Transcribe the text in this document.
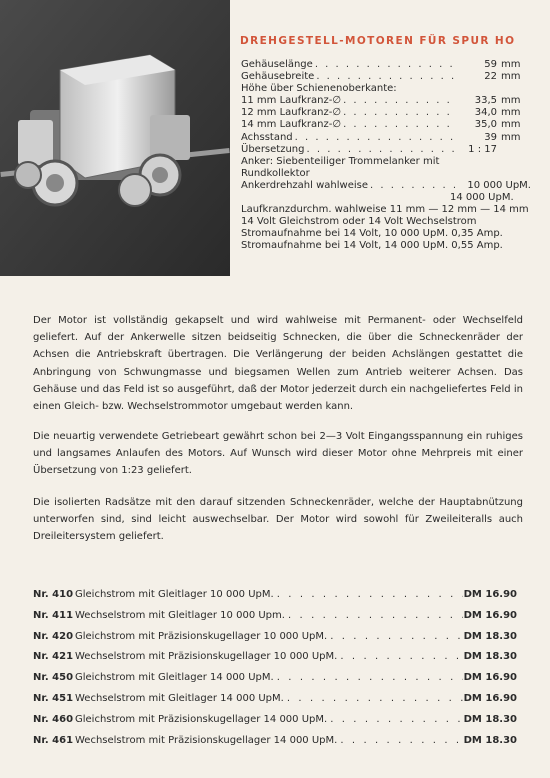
DREHGESTELL-MOTOREN FÜR SPUR HO
Gehäuselänge . . .	59 mm
Gehäusebreite . . .	22 mm
Höhe über Schienenoberkante:
11 mm Laufkranz-∅ . . .	33,5 mm
12 mm Laufkranz-∅ . . .	34,0 mm
14 mm Laufkranz-∅ . . .	35,0 mm
Achsstand . . .	39 mm
Übersetzung . . .	1 : 17
Anker: Siebenteiliger Trommelanker mit
Rundkollektor
Ankerdrehzahl wahlweise . . .	10 000 UpM.
14 000 UpM.
Laufkranzdurchm. wahlweise 11 mm — 12 mm — 14 mm
14 Volt Gleichstrom oder 14 Volt Wechselstrom
Stromaufnahme bei 14 Volt, 10 000 UpM. 0,35 Amp.
Stromaufnahme bei 14 Volt, 14 000 UpM. 0,55 Amp.

Der Motor ist vollständig gekapselt und wird wahlweise mit Permanent- oder Wechselfeld geliefert. Auf der Ankerwelle sitzen beidseitig Schnecken, die über die Schneckenräder der Achsen die Antriebskraft übertragen. Die Verlängerung der beiden Achslängen gestattet die Anbringung von Schwungmasse und biegsamen Wellen zum Antrieb weiterer Achsen. Das Gehäuse und das Feld ist so ausgeführt, daß der Motor jederzeit durch ein nachgeliefertes Feld in einen Gleich- bzw. Wechselstrommotor umgebaut werden kann.

Die neuartig verwendete Getriebeart gewährt schon bei 2—3 Volt Eingangsspannung ein ruhiges und langsames Anlaufen des Motors. Auf Wunsch wird dieser Motor ohne Mehrpreis mit einer Übersetzung von 1:23 geliefert.

Die isolierten Radsätze mit den darauf sitzenden Schneckenräder, welche der Hauptabnützung unterworfen sind, sind leicht auswechselbar. Der Motor wird sowohl für Zweileiteralls auch Dreileitersystem geliefert.

Nr. 410 Gleichstrom mit Gleitlager 10 000 UpM. . . .	DM 16.90
Nr. 411 Wechselstrom mit Gleitlager 10 000 Upm. . . .	DM 16.90
Nr. 420 Gleichstrom mit Präzisionskugellager 10 000 UpM. . . .	DM 18.30
Nr. 421 Wechselstrom mit Präzisionskugellager 10 000 UpM. . . .	DM 18.30
Nr. 450 Gleichstrom mit Gleitlager 14 000 UpM. . . .	DM 16.90
Nr. 451 Wechselstrom mit Gleitlager 14 000 UpM. . . .	DM 16.90
Nr. 460 Gleichstrom mit Präzisionskugellager 14 000 UpM. . . .	DM 18.30
Nr. 461 Wechselstrom mit Präzisionskugellager 14 000 UpM. . . .	DM 18.30
